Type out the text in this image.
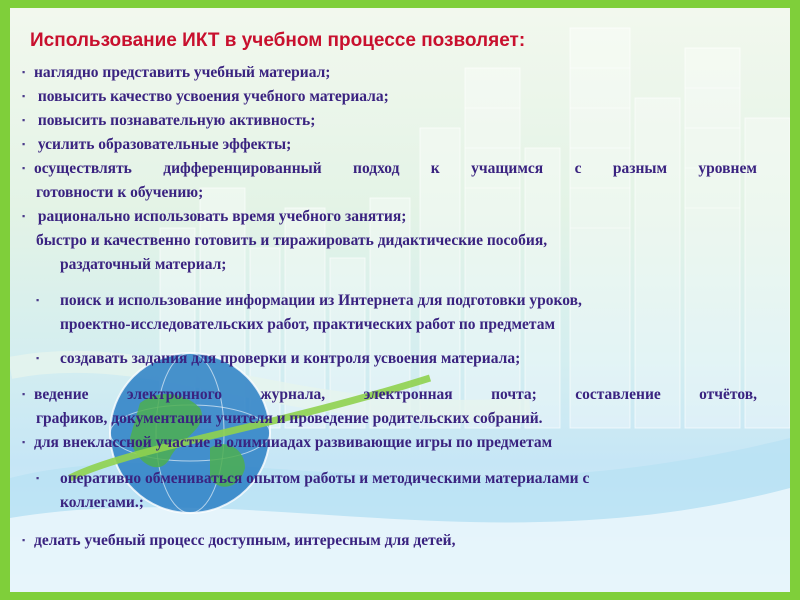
Использование ИКТ в учебном процессе позволяет:

▪ наглядно представить учебный материал;

▪ повысить качество усвоения учебного материала;

▪ повысить познавательную активность;

▪ усилить образовательные эффекты;

▪ осуществлять дифференцированный подход к учащимся с разным уровнем

готовности к обучению;

▪ рационально использовать время учебного занятия;

быстро и качественно готовить и тиражировать дидактические пособия,

раздаточный материал;

▪ поиск и использование информации из Интернета для подготовки уроков,

проектно-исследовательских работ, практических работ по предметам

▪ создавать задания для проверки и контроля усвоения материала;

▪ ведение электронного журнала, электронная почта; составление отчётов,

графиков, документации учителя и проведение родительских собраний.

▪ для внеклассной участие в олимпиадах развивающие игры по предметам

▪ оперативно обмениваться опытом работы и методическими материалами с

коллегами.;

▪ делать учебный процесс доступным, интересным для детей,
